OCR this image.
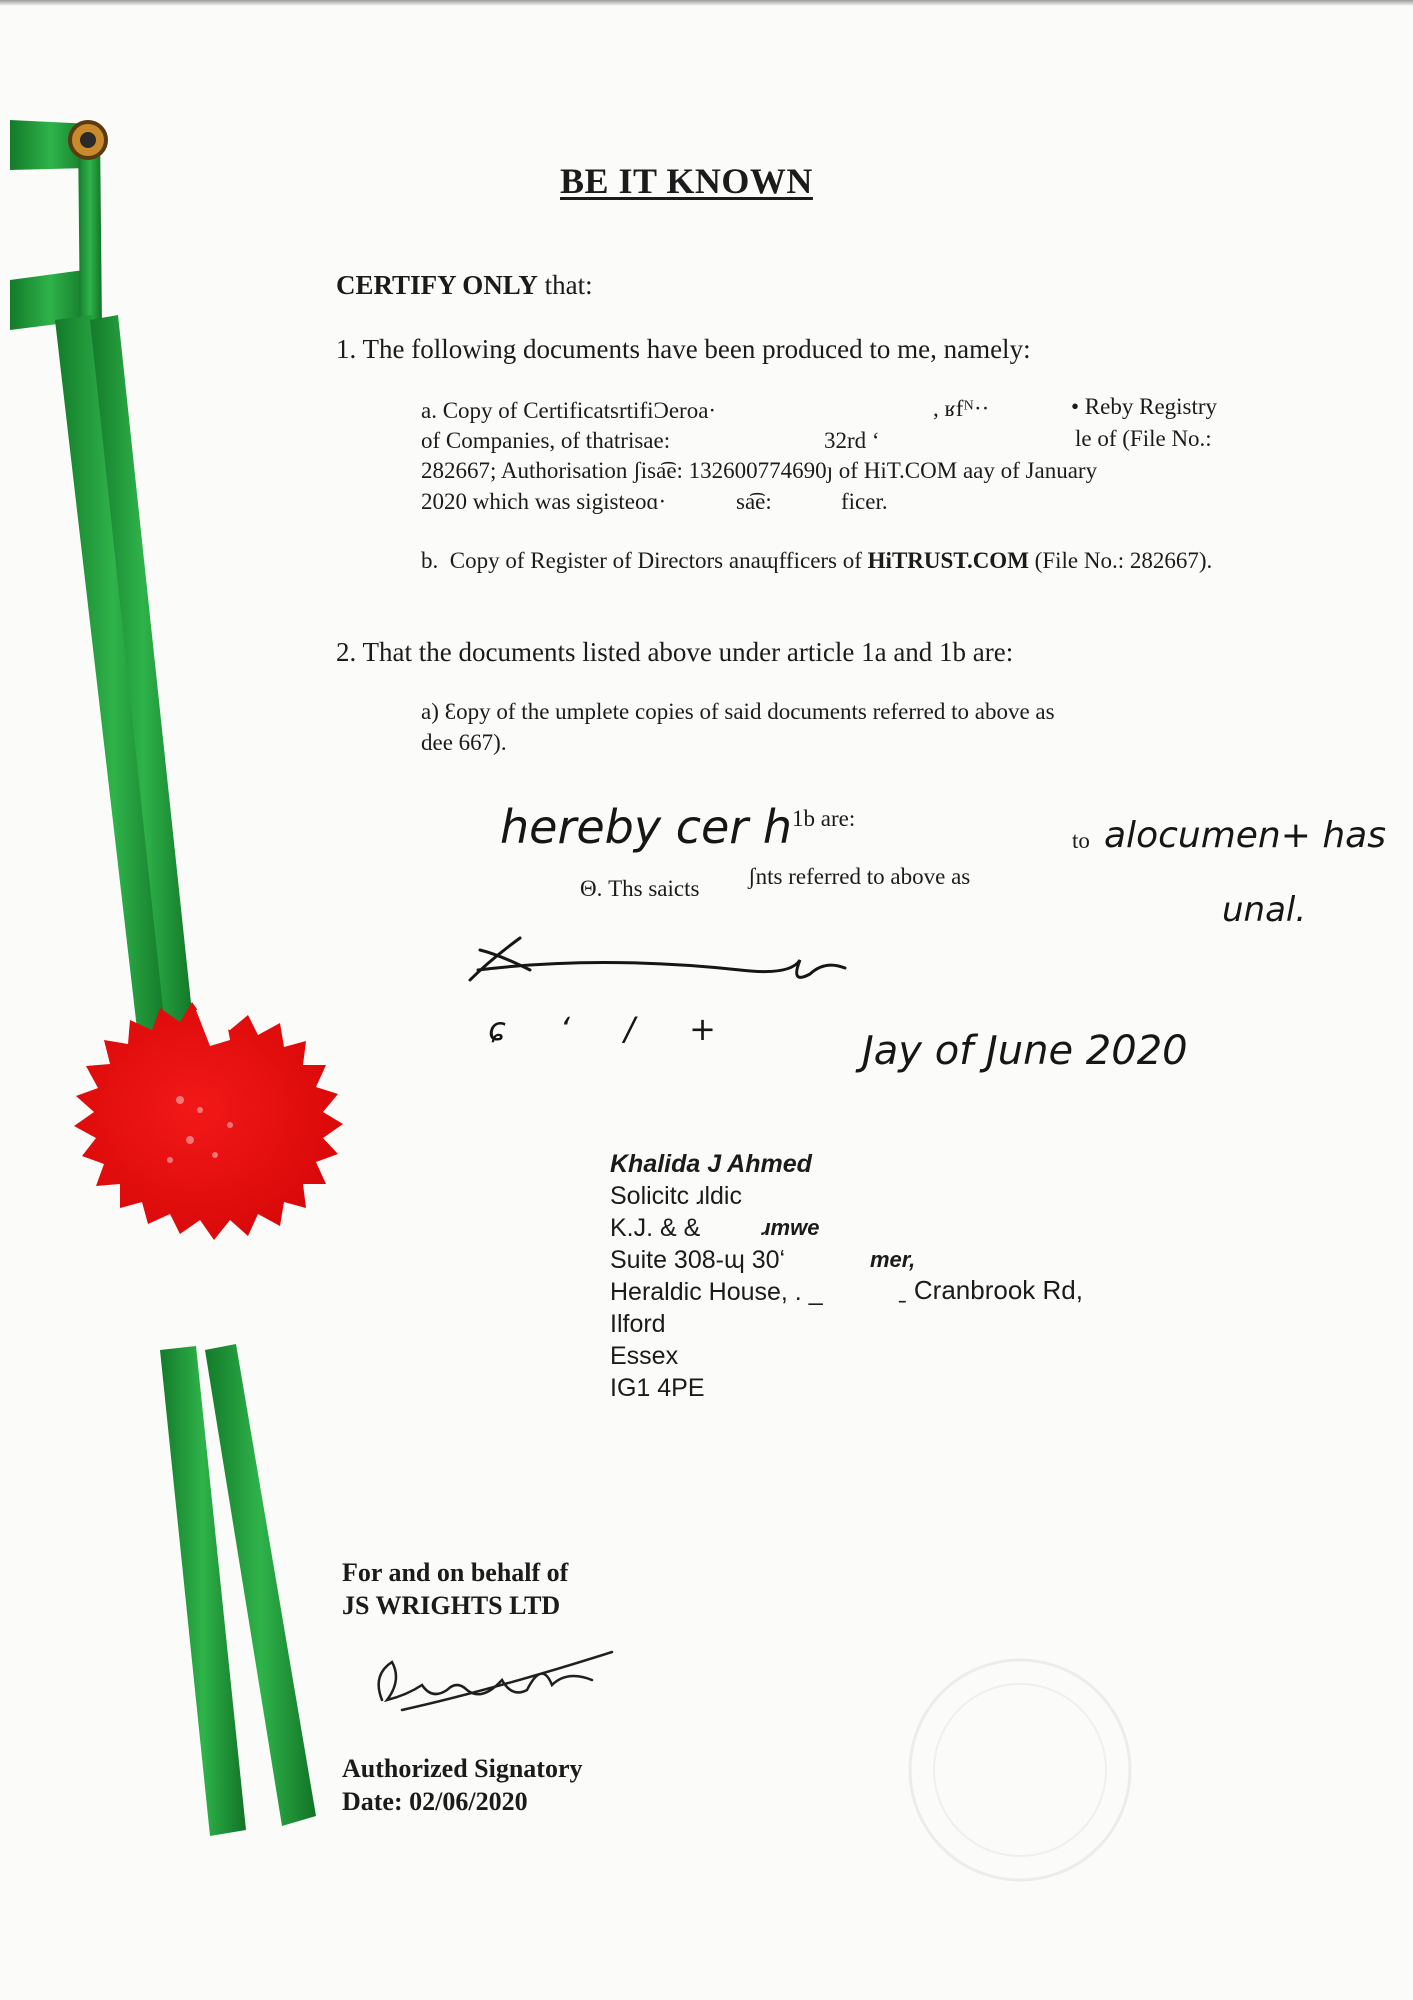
BE IT KNOWN
CERTIFY ONLY that:
1. The following documents have been produced to me, namely:
a. Copy of CertificatsrtifiƆeroa·	, ʁfᴺ··	• Reby Registry
of Companies, of thatrisae:	32rd ʻ	le of (File No.:
282667; Authorisation ʃisa͡e: 132600774690ȷ of HiT.COM aay of January
2020 which was sigisteoɑ·	sa͡e:	ficer.
b.  Copy of Register of Directors anaɰfficers of HiTRUST.COM (File No.: 282667).
2. That the documents listed above under article 1a and 1b are:
a) Ɛopy of the umplete copies of said documents referred to above as
dee 667).
hereby cer h 1b are:
to alocumen+ has
Θ. Ths saicts ʃnts referred to above as
unal.
ɕ ʻ / +	Jay of June 2020
Khalida J Ahmed
Solicitc ɹldic
K.J. & &	ɹmwe
Suite 308-ɰ 30ʻ	mer,
Heraldic House, . _	ˍ Cranbrook Rd,
Ilford
Essex
IG1 4PE
For and on behalf of
JS WRIGHTS LTD
Authorized Signatory
Date: 02/06/2020
